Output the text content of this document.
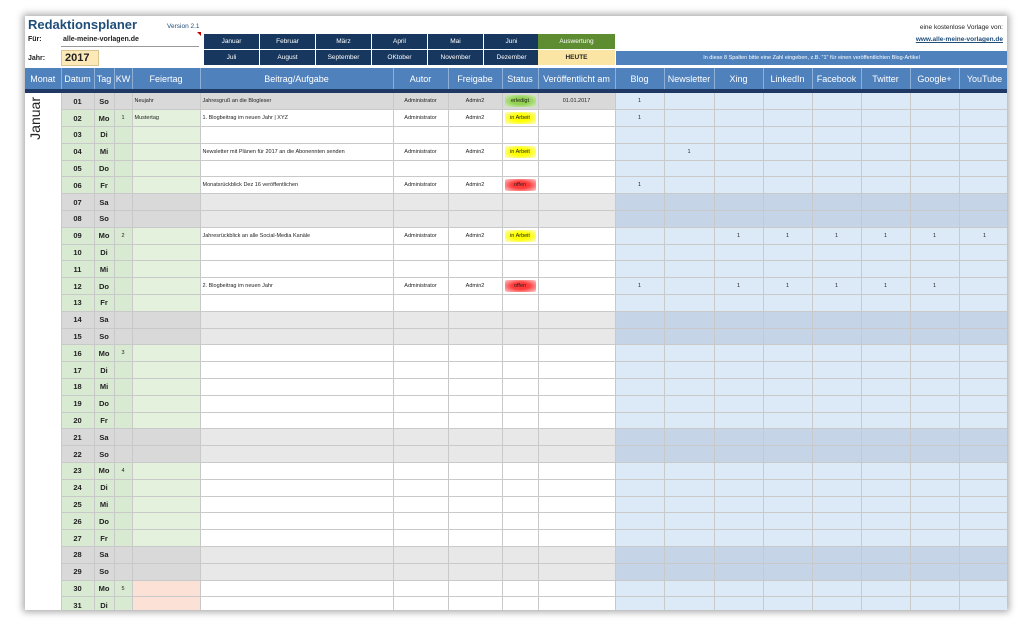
Redaktionsplaner	Version 2.1
Für:	alle-meine-vorlagen.de
Jahr:	2017
Januar	Februar	März	April	Mai	Juni
Juli	August	September	OKtober	November	Dezember
Auswertung
HEUTE
eine kostenlose Vorlage von:
www.alle-meine-vorlagen.de
In diese 8 Spalten bitte eine Zahl eingeben, z.B. "1" für einen veröffentlichten Blog-Artikel
Monat	Datum	Tag	KW	Feiertag	Beitrag/Aufgabe	Autor	Freigabe	Status	Veröffentlicht am	Blog	Newsletter	Xing	LinkedIn	Facebook	Twitter	Google+	YouTube

Januar	01	So		Neujahr	Jahresgruß an die Blogleser	Administrator	Admin2	erledigt	01.01.2017	1							
	02	Mo	1	Mustertag	1. Blogbeitrag im neuen Jahr | XYZ	Administrator	Admin2	in Arbeit		1							
	03	Di															
	04	Mi			Newsletter mit Plänen für 2017 an die Abonennten senden	Administrator	Admin2	in Arbeit			1						
	05	Do															
	06	Fr			Monatsrückblick Dez 16 veröffentlichen	Administrator	Admin2	offen		1							
	07	Sa															
	08	So															
	09	Mo	2		Jahresrückblick an alle Social-Media Kanäle	Administrator	Admin2	in Arbeit				1	1	1	1	1	1
	10	Di															
	11	Mi															
	12	Do			2. Blogbeitrag im neuen Jahr	Administrator	Admin2	offen		1		1	1	1	1	1	
	13	Fr															
	14	Sa															
	15	So															
	16	Mo	3														
	17	Di															
	18	Mi															
	19	Do															
	20	Fr															
	21	Sa															
	22	So															
	23	Mo	4														
	24	Di															
	25	Mi															
	26	Do															
	27	Fr															
	28	Sa															
	29	So															
	30	Mo	5														
	31	Di															
